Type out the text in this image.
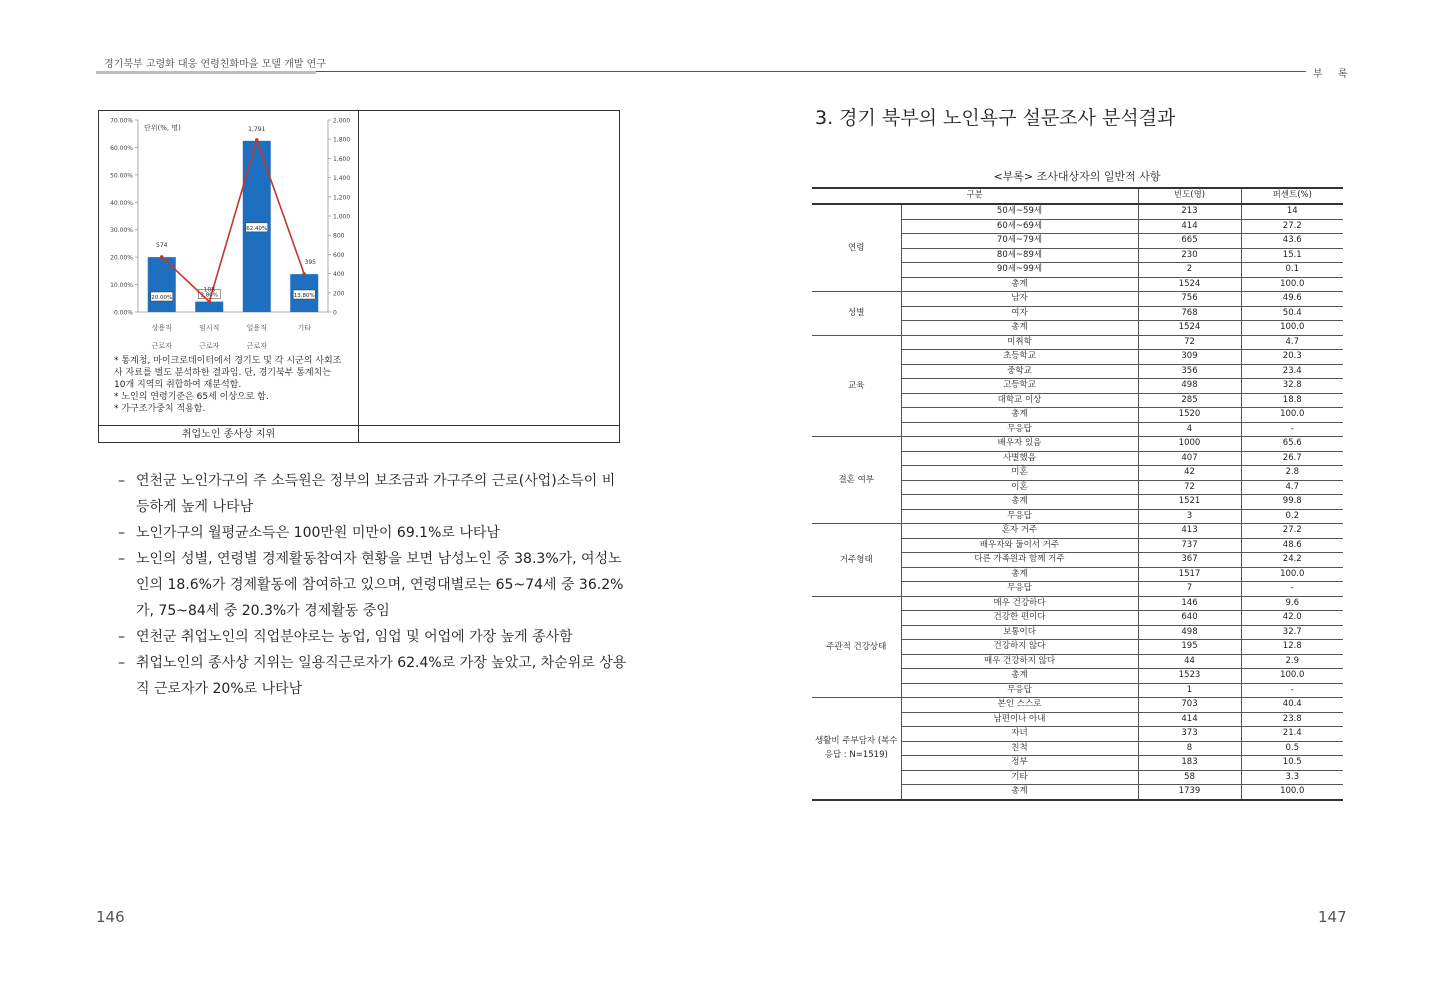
경기북부 고령화 대응 연령친화마을 모델 개발 연구
부 록
취업노인 종사상 지위
0.00%
10.00%
20.00%
30.00%
40.00%
50.00%
60.00%
70.00%
0
200
400
600
800
1,000
1,200
1,400
1,600
1,800
2,000
단위(%, 명)
20.00%
상용직
근로자
3.80%
임시직
근로자
62.40%
일용직
근로자
13.80%
기타
574
108
1,791
395
* 통계청, 마이크로데이터에서 경기도 및 각 시군의 사회조
사 자료를 별도 분석하한 결과임. 단, 경기북부 통계치는
10개 지역의 취합하여 재분석함.
* 노인의 연령기준은 65세 이상으로 함.
* 가구조가중치 적용함.
– 연천군 노인가구의 주 소득원은 정부의 보조금과 가구주의 근로(사업)소득이 비등하게 높게 나타남
– 노인가구의 월평균소득은 100만원 미만이 69.1%로 나타남
– 노인의 성별, 연령별 경제활동참여자 현황을 보면 남성노인 중 38.3%가, 여성노인의 18.6%가 경제활동에 참여하고 있으며, 연령대별로는 65~74세 중 36.2%가, 75~84세 중 20.3%가 경제활동 중임
– 연천군 취업노인의 직업분야로는 농업, 임업 및 어업에 가장 높게 종사함
– 취업노인의 종사상 지위는 일용직근로자가 62.4%로 가장 높았고, 차순위로 상용직 근로자가 20%로 나타남
3. 경기 북부의 노인욕구 설문조사 분석결과
<부록> 조사대상자의 일반적 사항
구분		빈도(명)	퍼센트(%)
연령	50세~59세	213	14
	60세~69세	414	27.2
	70세~79세	665	43.6
	80세~89세	230	15.1
	90세~99세	2	0.1
	총계	1524	100.0
성별	남자	756	49.6
	여자	768	50.4
	총계	1524	100.0
교육	미취학	72	4.7
	초등학교	309	20.3
	중학교	356	23.4
	고등학교	498	32.8
	대학교 이상	285	18.8
	총계	1520	100.0
	무응답	4	-
결혼 여부	배우자 있음	1000	65.6
	사별했음	407	26.7
	미혼	42	2.8
	이혼	72	4.7
	총계	1521	99.8
	무응답	3	0.2
거주형태	혼자 거주	413	27.2
	배우자와 둘이서 거주	737	48.6
	다른 가족원과 함께 거주	367	24.2
	총계	1517	100.0
	무응답	7	-
주관적 건강상태	매우 건강하다	146	9.6
	건강한 편이다	640	42.0
	보통이다	498	32.7
	건강하지 않다	195	12.8
	매우 건강하지 않다	44	2.9
	총계	1523	100.0
	무응답	1	-
생활비 주부담자 (복수응답 : N=1519)	본인 스스로	703	40.4
	남편이나 아내	414	23.8
	자녀	373	21.4
	친척	8	0.5
	정부	183	10.5
	기타	58	3.3
	총계	1739	100.0
146	147
